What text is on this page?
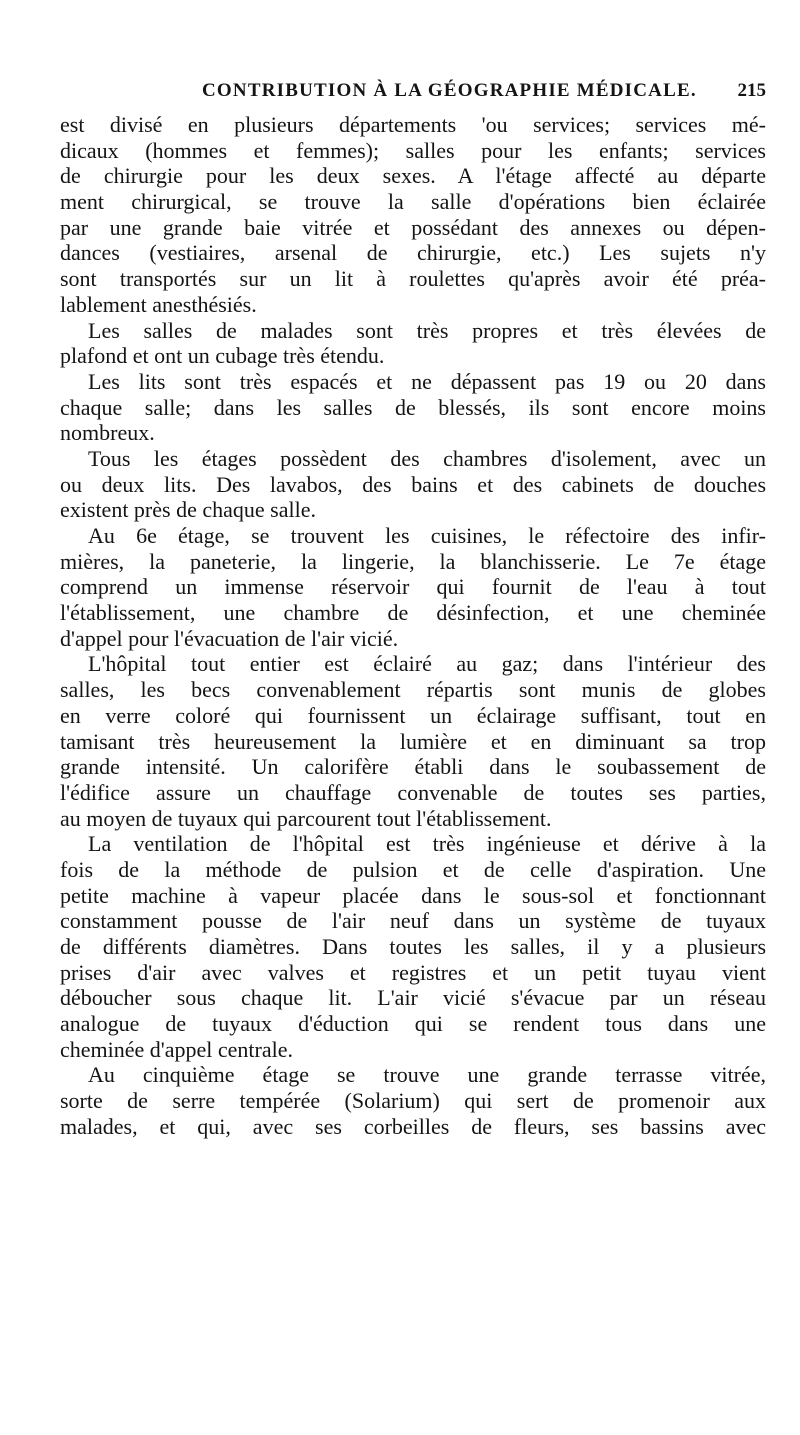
CONTRIBUTION À LA GÉOGRAPHIE MÉDICALE. 215
est divisé en plusieurs départements 'ou services; services mé-
dicaux (hommes et femmes); salles pour les enfants; services
de chirurgie pour les deux sexes. A l'étage affecté au départe
ment chirurgical, se trouve la salle d'opérations bien éclairée
par une grande baie vitrée et possédant des annexes ou dépen-
dances (vestiaires, arsenal de chirurgie, etc.) Les sujets n'y
sont transportés sur un lit à roulettes qu'après avoir été préa-
lablement anesthésiés.
Les salles de malades sont très propres et très élevées de
plafond et ont un cubage très étendu.
Les lits sont très espacés et ne dépassent pas 19 ou 20 dans
chaque salle; dans les salles de blessés, ils sont encore moins
nombreux.
Tous les étages possèdent des chambres d'isolement, avec un
ou deux lits. Des lavabos, des bains et des cabinets de douches
existent près de chaque salle.
Au 6e étage, se trouvent les cuisines, le réfectoire des infir-
mières, la paneterie, la lingerie, la blanchisserie. Le 7e étage
comprend un immense réservoir qui fournit de l'eau à tout
l'établissement, une chambre de désinfection, et une cheminée
d'appel pour l'évacuation de l'air vicié.
L'hôpital tout entier est éclairé au gaz; dans l'intérieur des
salles, les becs convenablement répartis sont munis de globes
en verre coloré qui fournissent un éclairage suffisant, tout en
tamisant très heureusement la lumière et en diminuant sa trop
grande intensité. Un calorifère établi dans le soubassement de
l'édifice assure un chauffage convenable de toutes ses parties,
au moyen de tuyaux qui parcourent tout l'établissement.
La ventilation de l'hôpital est très ingénieuse et dérive à la
fois de la méthode de pulsion et de celle d'aspiration. Une
petite machine à vapeur placée dans le sous-sol et fonctionnant
constamment pousse de l'air neuf dans un système de tuyaux
de différents diamètres. Dans toutes les salles, il y a plusieurs
prises d'air avec valves et registres et un petit tuyau vient
déboucher sous chaque lit. L'air vicié s'évacue par un réseau
analogue de tuyaux d'éduction qui se rendent tous dans une
cheminée d'appel centrale.
Au cinquième étage se trouve une grande terrasse vitrée,
sorte de serre tempérée (Solarium) qui sert de promenoir aux
malades, et qui, avec ses corbeilles de fleurs, ses bassins avec
